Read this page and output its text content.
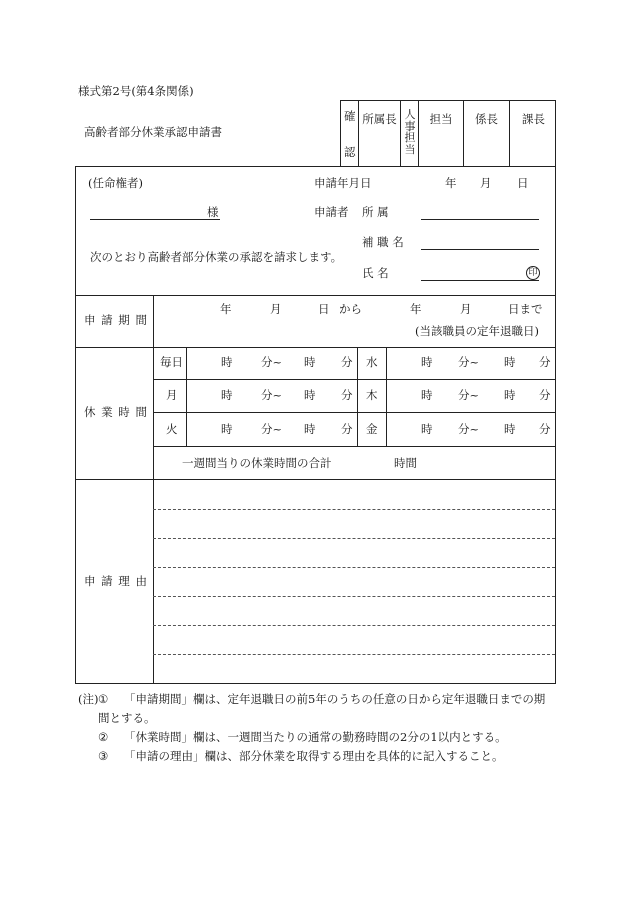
様式第2号(第4条関係)
高齢者部分休業承認申請書
確
認
所属長 人事担当
担当	係長	課長
(任命権者)	申請年月日	年 月 日
様	申請者 所 属
補 職 名
次のとおり高齢者部分休業の承認を請求します。
氏 名	印
申 請 期 間
年	月	日 から	年	月	日まで
(当該職員の定年退職日)
休 業 時 間
毎日	時 分~ 時 分 水	時 分~ 時 分
月	時 分~ 時 分 木	時 分~ 時 分
火	時 分~ 時 分 金	時 分~ 時 分
一週間当りの休業時間の合計	時間
申 請 理 由
(注) ① 「申請期間」欄は、定年退職日の前5年のうちの任意の日から定年退職日までの期
間とする。
② 「休業時間」欄は、一週間当たりの通常の勤務時間の2分の1以内とする。
③ 「申請の理由」欄は、部分休業を取得する理由を具体的に記入すること。
